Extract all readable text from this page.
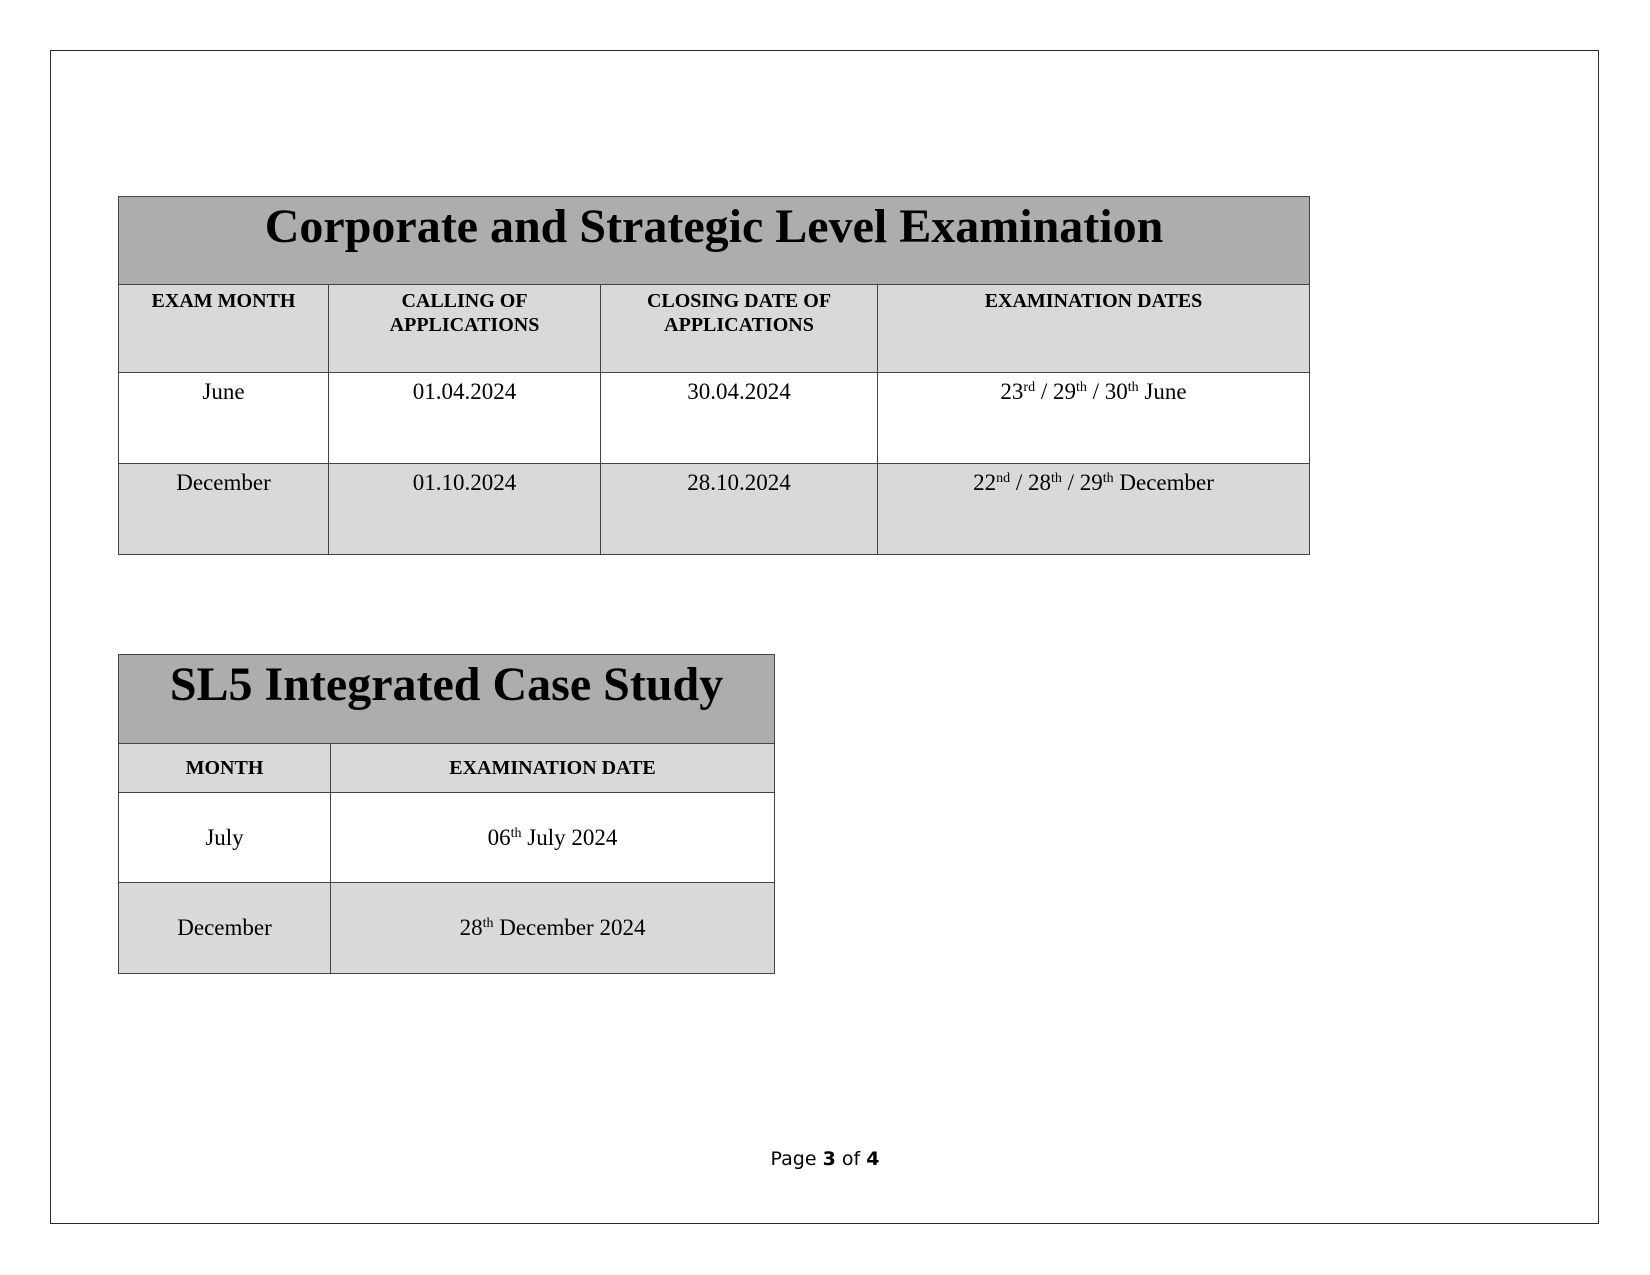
Corporate and Strategic Level Examination			
EXAM MONTH	CALLING OF APPLICATIONS	CLOSING DATE OF APPLICATIONS	EXAMINATION DATES
June	01.04.2024	30.04.2024	23rd / 29th / 30th June
December	01.10.2024	28.10.2024	22nd / 28th / 29th December
SL5 Integrated Case Study	
MONTH	EXAMINATION DATE
July	06th July 2024
December	28th December 2024
Page 3 of 4
